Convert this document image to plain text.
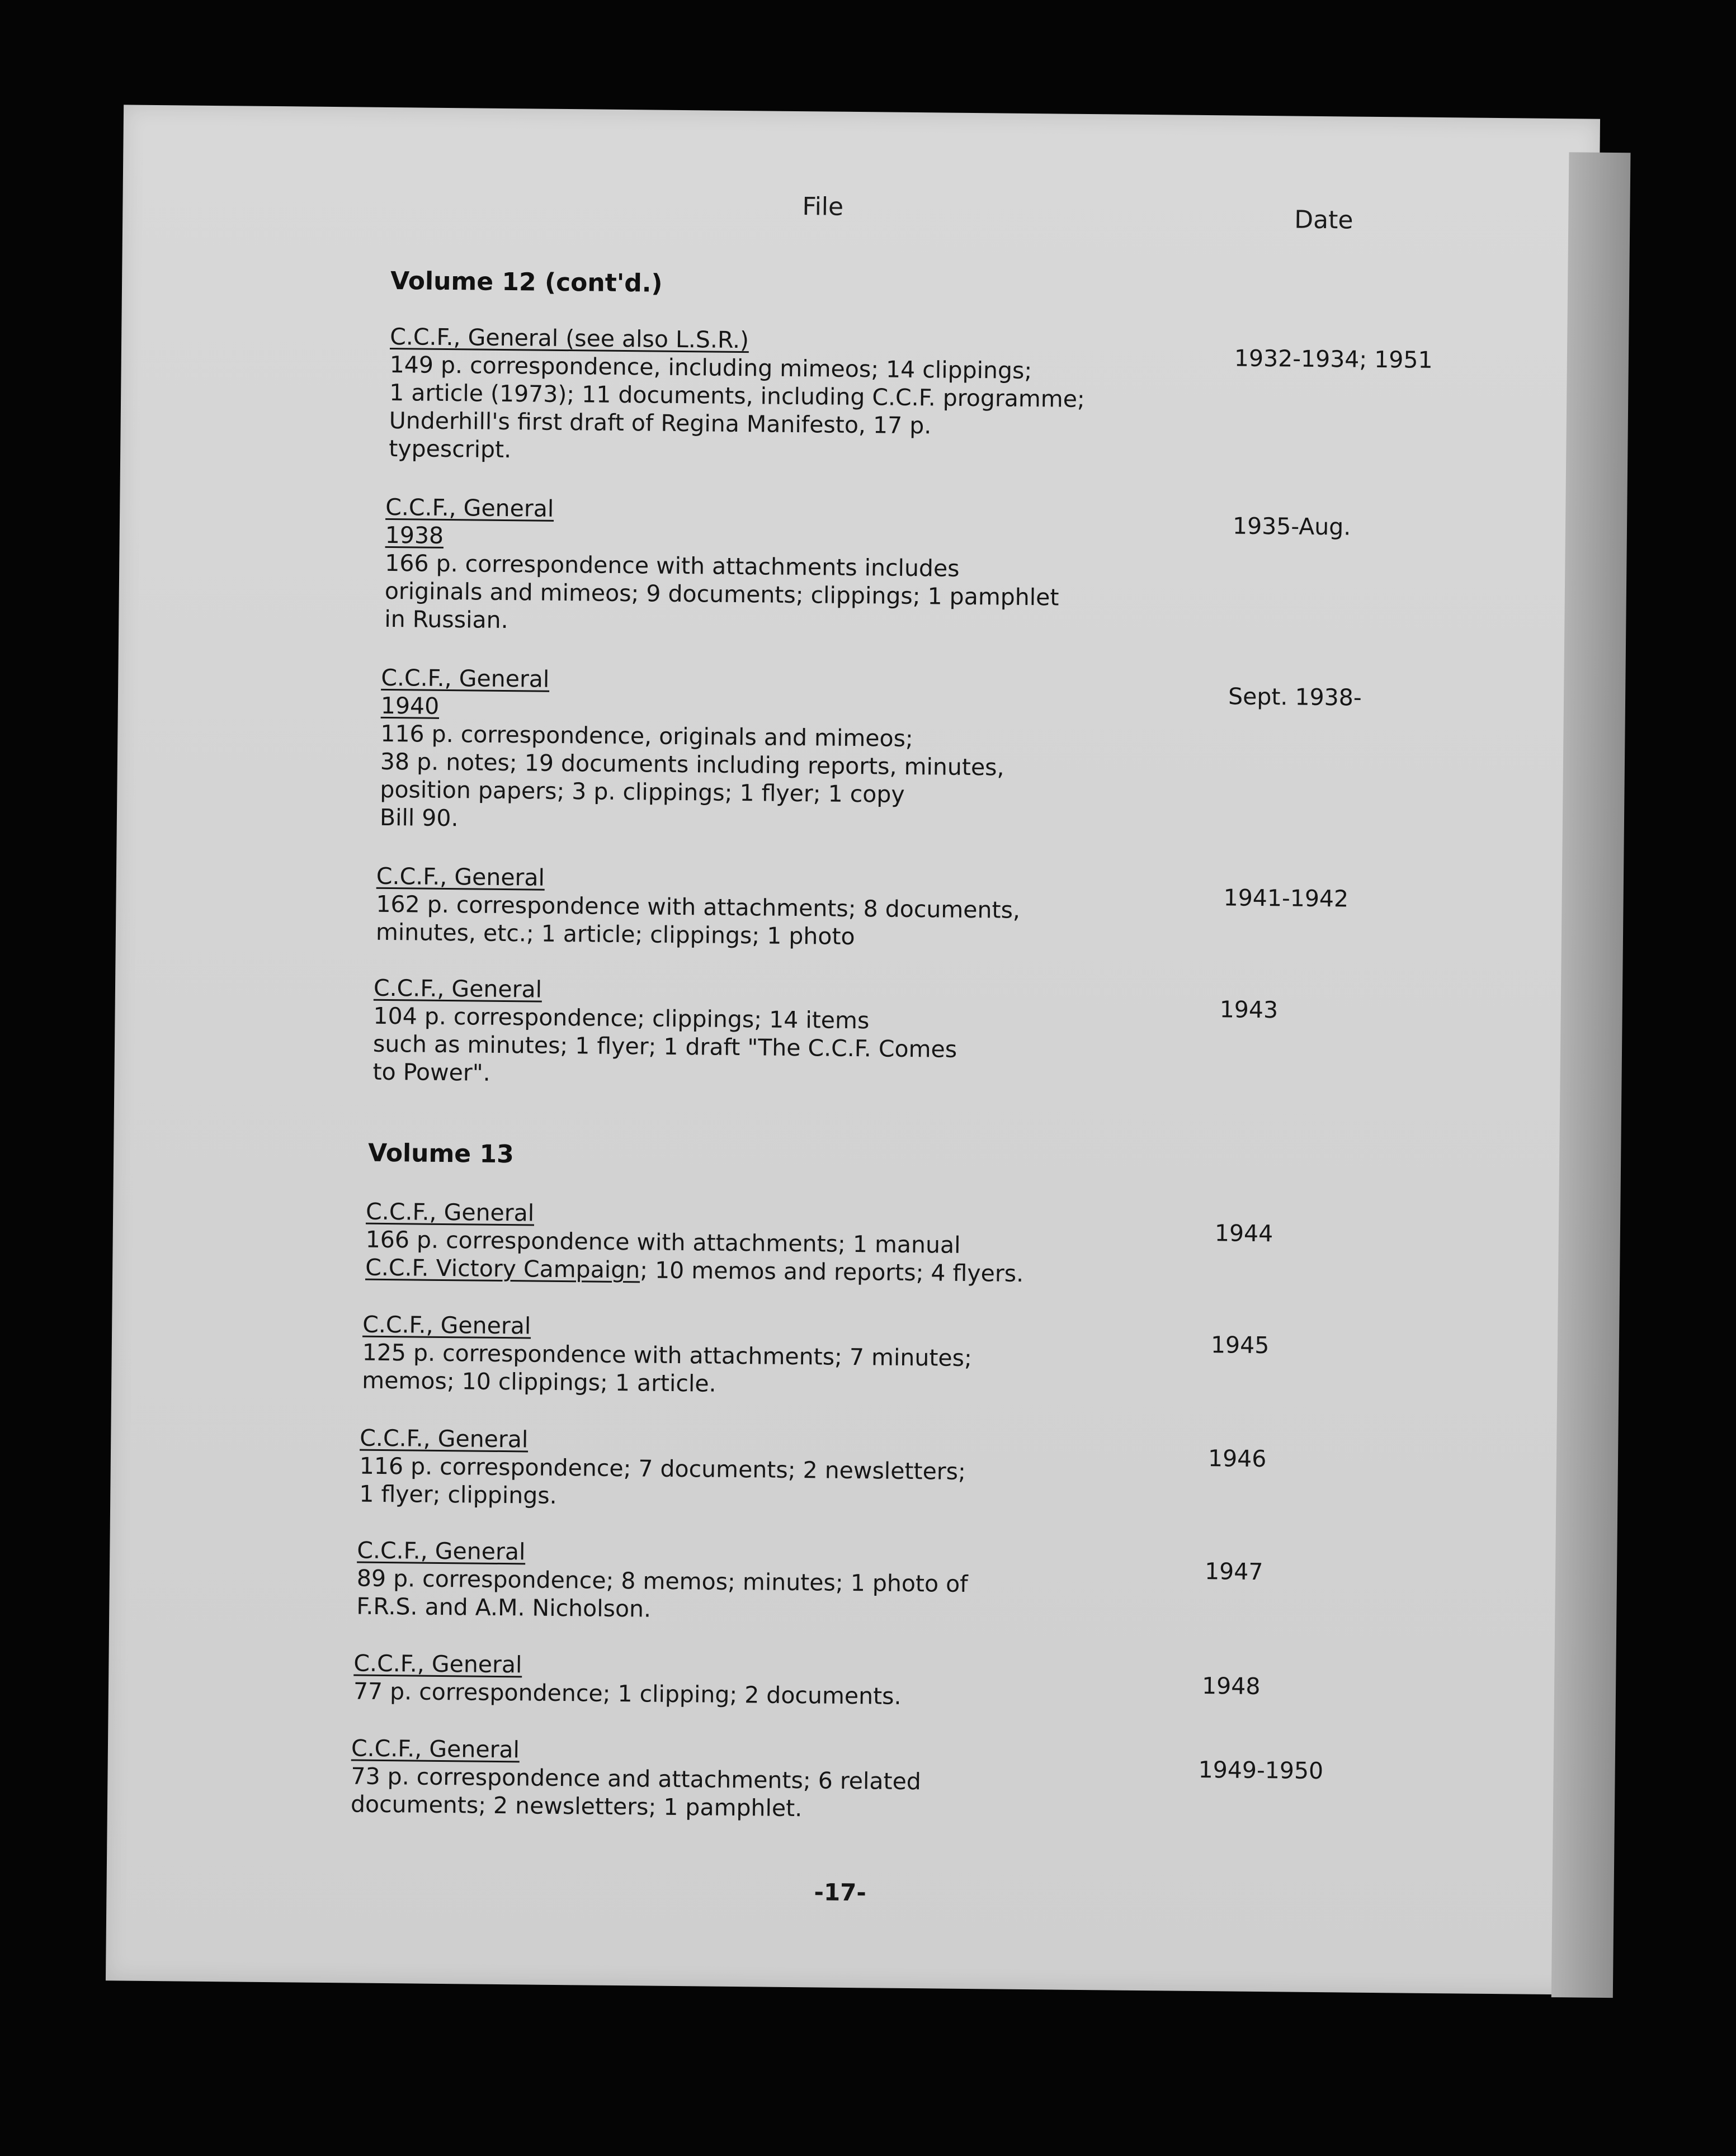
File	Date
Volume 12 (cont'd.)
C.C.F., General (see also L.S.R.)
149 p. correspondence, including mimeos; 14 clippings;
1 article (1973); 11 documents, including C.C.F. programme;
Underhill's first draft of Regina Manifesto, 17 p.
typescript.
1932-1934; 1951
C.C.F., General
1938
166 p. correspondence with attachments includes
originals and mimeos; 9 documents; clippings; 1 pamphlet
in Russian.
1935-Aug.
C.C.F., General
1940
116 p. correspondence, originals and mimeos;
38 p. notes; 19 documents including reports, minutes,
position papers; 3 p. clippings; 1 flyer; 1 copy
Bill 90.
Sept. 1938-
C.C.F., General
162 p. correspondence with attachments; 8 documents,
minutes, etc.; 1 article; clippings; 1 photo
1941-1942
C.C.F., General
104 p. correspondence; clippings; 14 items
such as minutes; 1 flyer; 1 draft "The C.C.F. Comes
to Power".
1943
Volume 13
C.C.F., General
166 p. correspondence with attachments; 1 manual
C.C.F. Victory Campaign; 10 memos and reports; 4 flyers.
1944
C.C.F., General
125 p. correspondence with attachments; 7 minutes;
memos; 10 clippings; 1 article.
1945
C.C.F., General
116 p. correspondence; 7 documents; 2 newsletters;
1 flyer; clippings.
1946
C.C.F., General
89 p. correspondence; 8 memos; minutes; 1 photo of
F.R.S. and A.M. Nicholson.
1947
C.C.F., General
77 p. correspondence; 1 clipping; 2 documents.	1948
C.C.F., General
73 p. correspondence and attachments; 6 related
documents; 2 newsletters; 1 pamphlet.
1949-1950
-17-
